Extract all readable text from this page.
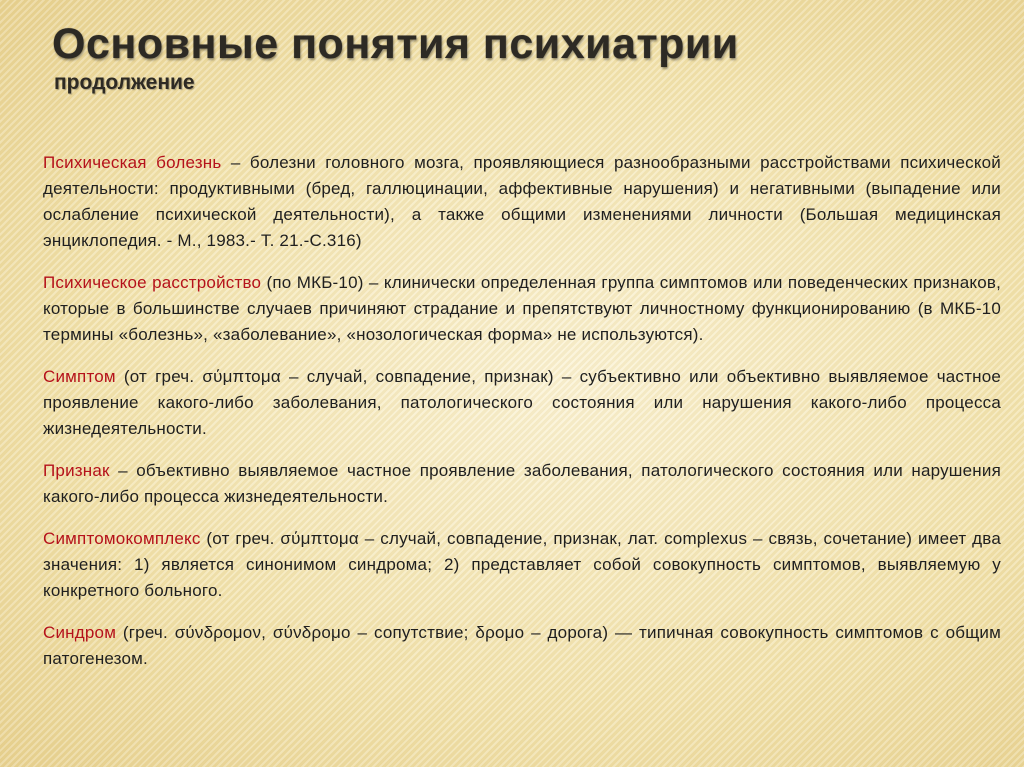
Основные понятия психиатрии
продолжение

Психическая болезнь – болезни головного мозга, проявляющиеся разнообразными расстройствами психической деятельности: продуктивными (бред, галлюцинации, аффективные нарушения) и негативными (выпадение или ослабление психической деятельности), а также общими изменениями личности (Большая медицинская энциклопедия. - М., 1983.- Т. 21.-С.316)

Психическое расстройство (по МКБ-10) – клинически определенная группа симптомов или поведенческих признаков, которые в большинстве случаев причиняют страдание и препятствуют личностному функционированию (в МКБ-10 термины «болезнь», «заболевание», «нозологическая форма» не используются).

Симптом (от греч. σύμπτομα – случай, совпадение, признак) – субъективно или объективно выявляемое частное проявление какого-либо заболевания, патологического состояния или нарушения какого-либо процесса жизнедеятельности.

Признак – объективно выявляемое частное проявление заболевания, патологического состояния или нарушения какого-либо процесса жизнедеятельности.

Симптомокомплекс (от греч. σύμπτομα – случай, совпадение, признак, лат. complexus – связь, сочетание) имеет два значения: 1) является синонимом синдрома; 2) представляет собой совокупность симптомов, выявляемую у конкретного больного.

Синдром (греч. σύνδρομον, σύνδρομο – сопутствие; δρομο – дорога) — типичная совокупность симптомов с общим патогенезом.
